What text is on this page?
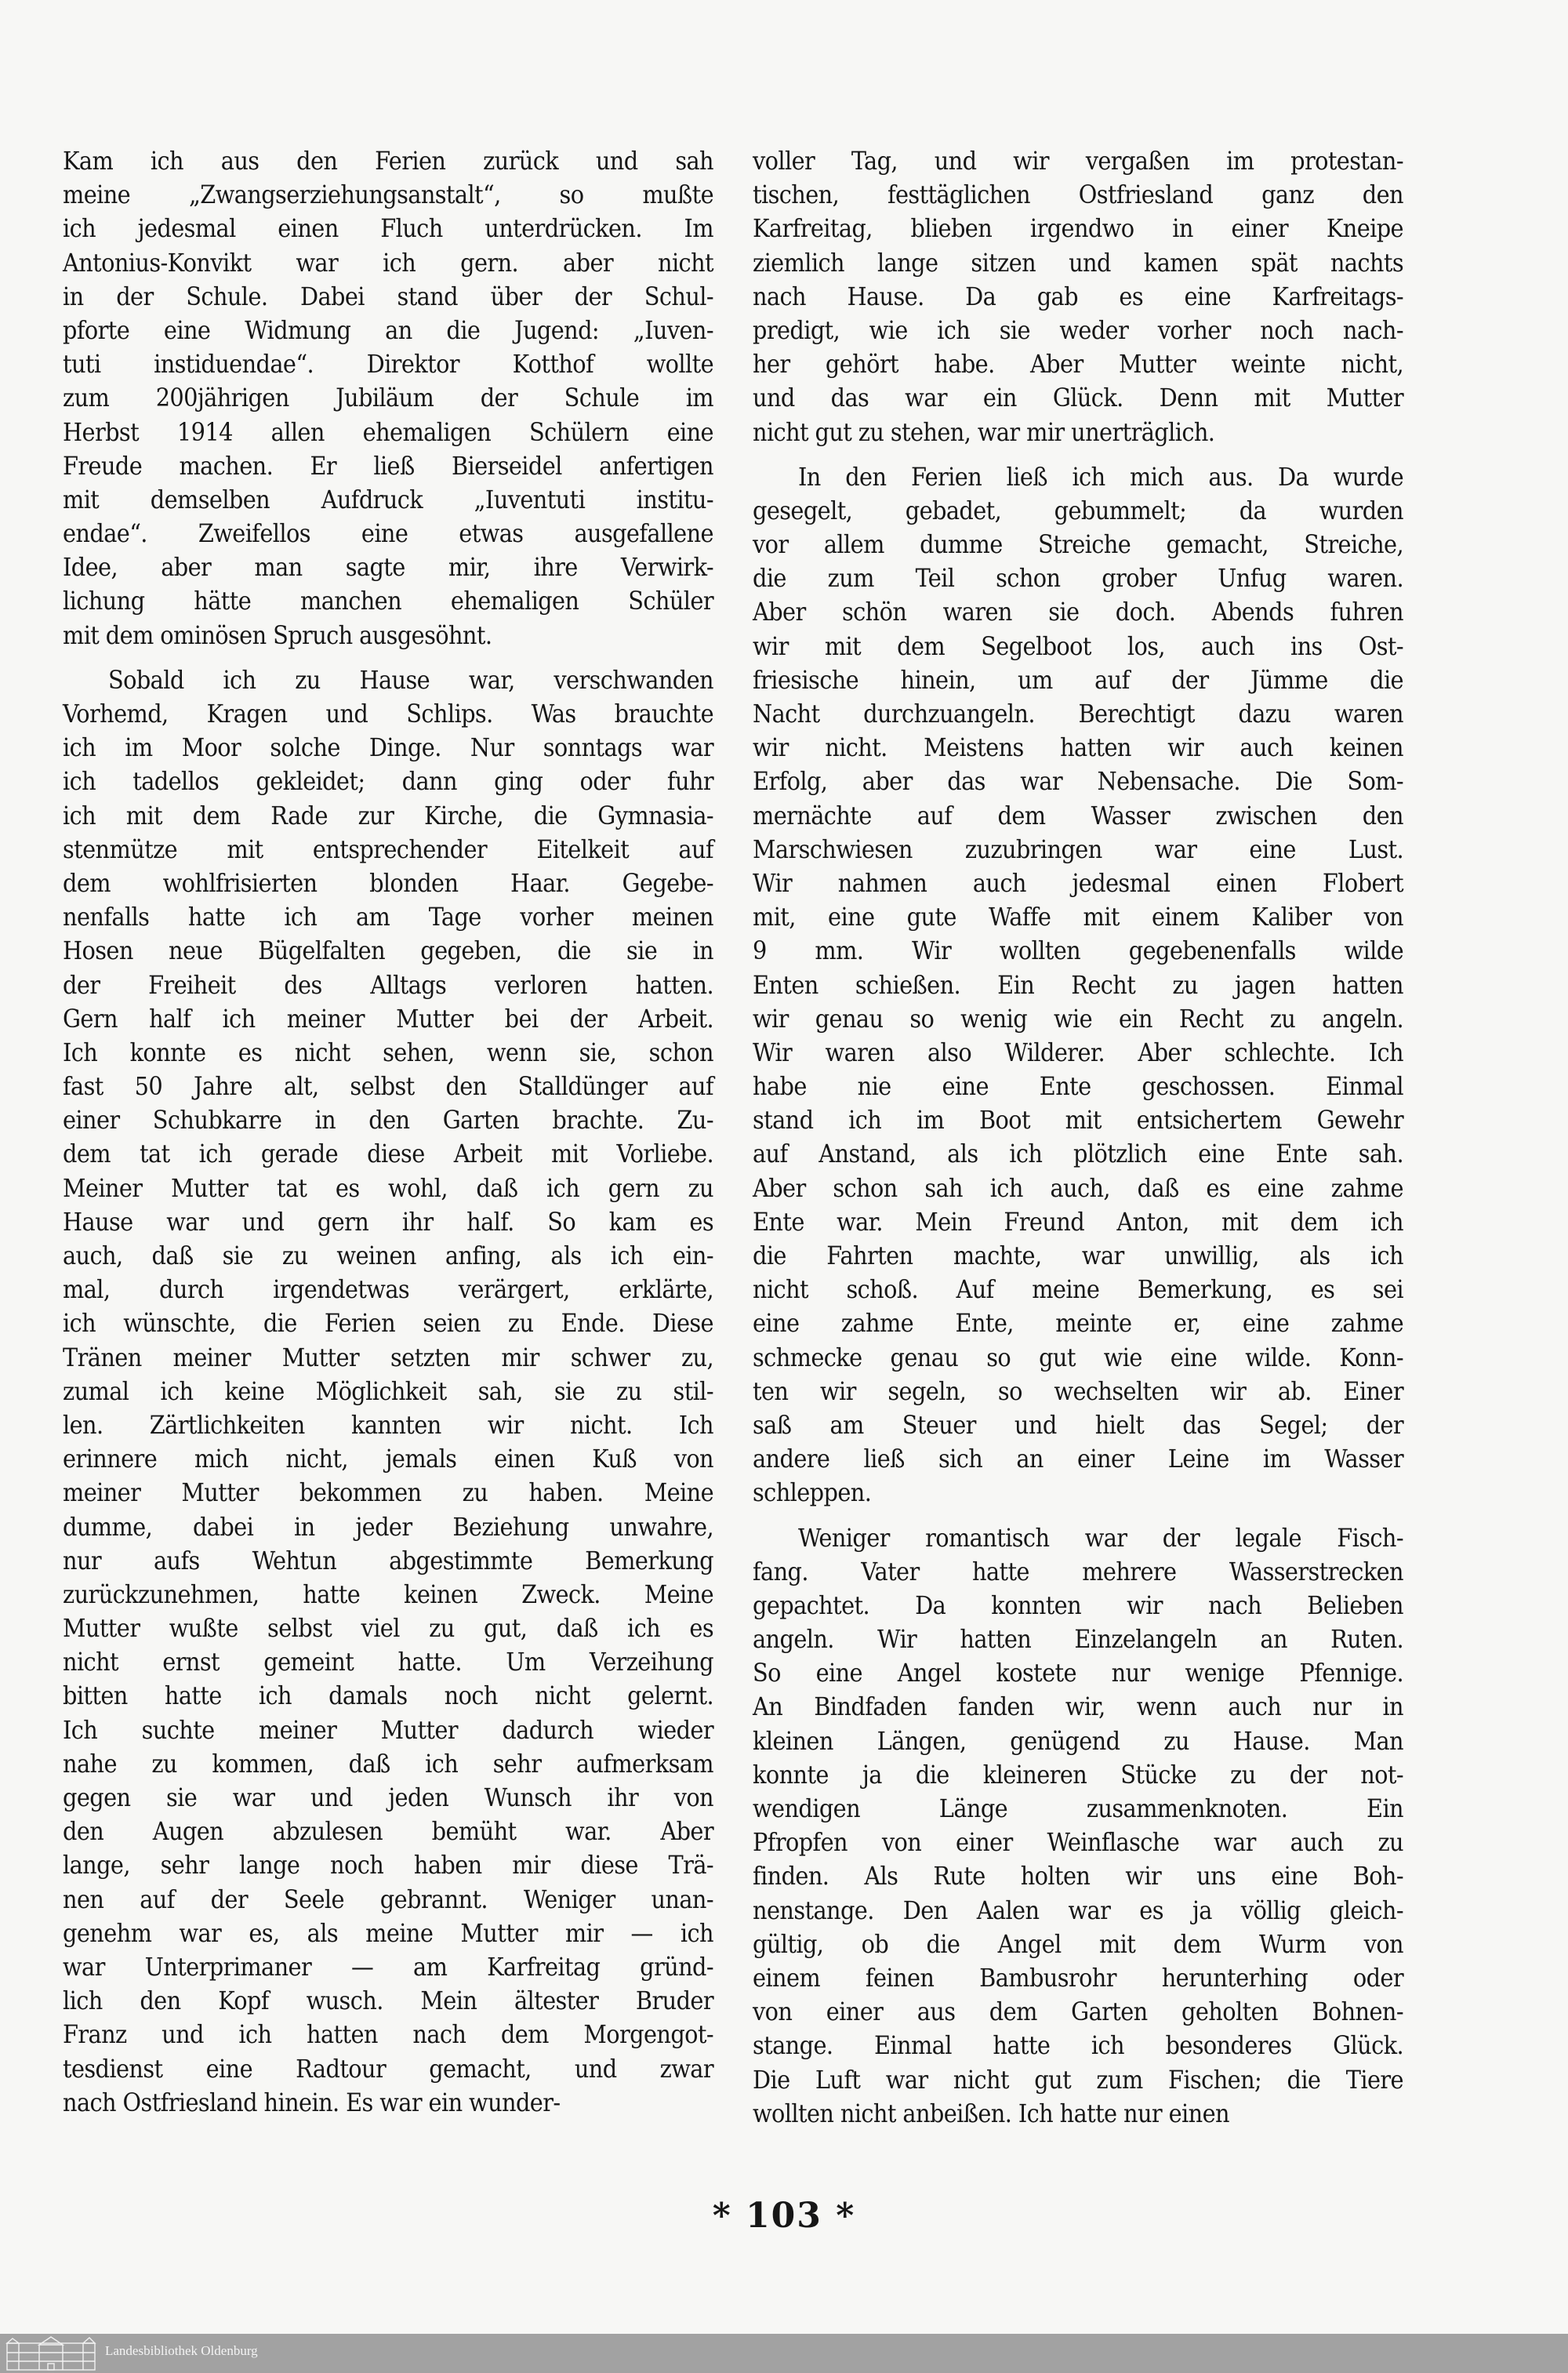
Kam ich aus den Ferien zurück und sah
meine „Zwangserziehungsanstalt“, so mußte
ich jedesmal einen Fluch unterdrücken. Im
Antonius-Konvikt war ich gern. aber nicht
in der Schule. Dabei stand über der Schul-
pforte eine Widmung an die Jugend: „Iuven-
tuti instiduendae“. Direktor Kotthof wollte
zum 200jährigen Jubiläum der Schule im
Herbst 1914 allen ehemaligen Schülern eine
Freude machen. Er ließ Bierseidel anfertigen
mit demselben Aufdruck „Iuventuti institu-
endae“. Zweifellos eine etwas ausgefallene
Idee, aber man sagte mir, ihre Verwirk-
lichung hätte manchen ehemaligen Schüler
mit dem ominösen Spruch ausgesöhnt.
Sobald ich zu Hause war, verschwanden
Vorhemd, Kragen und Schlips. Was brauchte
ich im Moor solche Dinge. Nur sonntags war
ich tadellos gekleidet; dann ging oder fuhr
ich mit dem Rade zur Kirche, die Gymnasia-
stenmütze mit entsprechender Eitelkeit auf
dem wohlfrisierten blonden Haar. Gegebe-
nenfalls hatte ich am Tage vorher meinen
Hosen neue Bügelfalten gegeben, die sie in
der Freiheit des Alltags verloren hatten.
Gern half ich meiner Mutter bei der Arbeit.
Ich konnte es nicht sehen, wenn sie, schon
fast 50 Jahre alt, selbst den Stalldünger auf
einer Schubkarre in den Garten brachte. Zu-
dem tat ich gerade diese Arbeit mit Vorliebe.
Meiner Mutter tat es wohl, daß ich gern zu
Hause war und gern ihr half. So kam es
auch, daß sie zu weinen anfing, als ich ein-
mal, durch irgendetwas verärgert, erklärte,
ich wünschte, die Ferien seien zu Ende. Diese
Tränen meiner Mutter setzten mir schwer zu,
zumal ich keine Möglichkeit sah, sie zu stil-
len. Zärtlichkeiten kannten wir nicht. Ich
erinnere mich nicht, jemals einen Kuß von
meiner Mutter bekommen zu haben. Meine
dumme, dabei in jeder Beziehung unwahre,
nur aufs Wehtun abgestimmte Bemerkung
zurückzunehmen, hatte keinen Zweck. Meine
Mutter wußte selbst viel zu gut, daß ich es
nicht ernst gemeint hatte. Um Verzeihung
bitten hatte ich damals noch nicht gelernt.
Ich suchte meiner Mutter dadurch wieder
nahe zu kommen, daß ich sehr aufmerksam
gegen sie war und jeden Wunsch ihr von
den Augen abzulesen bemüht war. Aber
lange, sehr lange noch haben mir diese Trä-
nen auf der Seele gebrannt. Weniger unan-
genehm war es, als meine Mutter mir — ich
war Unterprimaner — am Karfreitag gründ-
lich den Kopf wusch. Mein ältester Bruder
Franz und ich hatten nach dem Morgengot-
tesdienst eine Radtour gemacht, und zwar
nach Ostfriesland hinein. Es war ein wunder-
voller Tag, und wir vergaßen im protestan-
tischen, festtäglichen Ostfriesland ganz den
Karfreitag, blieben irgendwo in einer Kneipe
ziemlich lange sitzen und kamen spät nachts
nach Hause. Da gab es eine Karfreitags-
predigt, wie ich sie weder vorher noch nach-
her gehört habe. Aber Mutter weinte nicht,
und das war ein Glück. Denn mit Mutter
nicht gut zu stehen, war mir unerträglich.
In den Ferien ließ ich mich aus. Da wurde
gesegelt, gebadet, gebummelt; da wurden
vor allem dumme Streiche gemacht, Streiche,
die zum Teil schon grober Unfug waren.
Aber schön waren sie doch. Abends fuhren
wir mit dem Segelboot los, auch ins Ost-
friesische hinein, um auf der Jümme die
Nacht durchzuangeln. Berechtigt dazu waren
wir nicht. Meistens hatten wir auch keinen
Erfolg, aber das war Nebensache. Die Som-
mernächte auf dem Wasser zwischen den
Marschwiesen zuzubringen war eine Lust.
Wir nahmen auch jedesmal einen Flobert
mit, eine gute Waffe mit einem Kaliber von
9 mm. Wir wollten gegebenenfalls wilde
Enten schießen. Ein Recht zu jagen hatten
wir genau so wenig wie ein Recht zu angeln.
Wir waren also Wilderer. Aber schlechte. Ich
habe nie eine Ente geschossen. Einmal
stand ich im Boot mit entsichertem Gewehr
auf Anstand, als ich plötzlich eine Ente sah.
Aber schon sah ich auch, daß es eine zahme
Ente war. Mein Freund Anton, mit dem ich
die Fahrten machte, war unwillig, als ich
nicht schoß. Auf meine Bemerkung, es sei
eine zahme Ente, meinte er, eine zahme
schmecke genau so gut wie eine wilde. Konn-
ten wir segeln, so wechselten wir ab. Einer
saß am Steuer und hielt das Segel; der
andere ließ sich an einer Leine im Wasser
schleppen.
Weniger romantisch war der legale Fisch-
fang. Vater hatte mehrere Wasserstrecken
gepachtet. Da konnten wir nach Belieben
angeln. Wir hatten Einzelangeln an Ruten.
So eine Angel kostete nur wenige Pfennige.
An Bindfaden fanden wir, wenn auch nur in
kleinen Längen, genügend zu Hause. Man
konnte ja die kleineren Stücke zu der not-
wendigen Länge zusammenknoten. Ein
Pfropfen von einer Weinflasche war auch zu
finden. Als Rute holten wir uns eine Boh-
nenstange. Den Aalen war es ja völlig gleich-
gültig, ob die Angel mit dem Wurm von
einem feinen Bambusrohr herunterhing oder
von einer aus dem Garten geholten Bohnen-
stange. Einmal hatte ich besonderes Glück.
Die Luft war nicht gut zum Fischen; die Tiere
wollten nicht anbeißen. Ich hatte nur einen
* 103 *
Landesbibliothek Oldenburg
